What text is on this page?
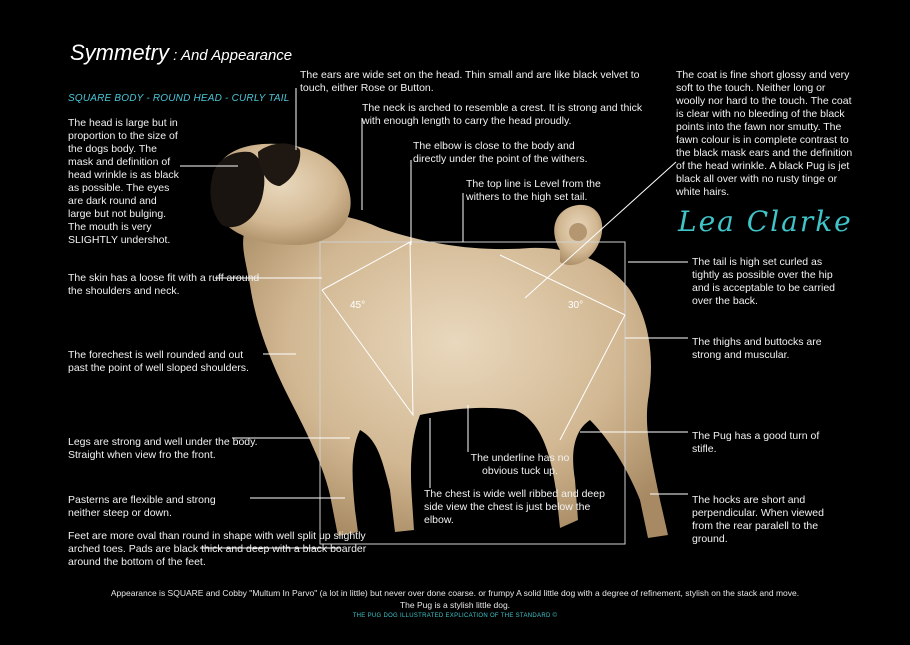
Symmetry : And Appearance
SQUARE BODY - ROUND HEAD - CURLY TAIL
Lea Clarke
45°	30°
The head is large but in proportion to the size of the dogs body. The mask and definition of head wrinkle is as black as possible. The eyes are dark round and large but not bulging. The mouth is very SLIGHTLY undershot.
The ears are wide set on the head. Thin small and are like black velvet to touch, either Rose or Button.
The neck is arched to resemble a crest. It is strong and thick with enough length to carry the head proudly.
The elbow is close to the body and directly under the point of the withers.
The top line is Level from the withers to the high set tail.
The coat is fine short glossy and very soft to the touch. Neither long or woolly nor hard to the touch. The coat is clear with no bleeding of the black points into the fawn nor smutty. The fawn colour is in complete contrast to the black mask ears and the definition of the head wrinkle. A black Pug is jet black all over with no rusty tinge or white hairs.
The skin has a loose fit with a ruff around the shoulders and neck.
The tail is high set curled as tightly as possible over the hip and is acceptable to be carried over the back.
The thighs and buttocks are strong and muscular.
The forechest is well rounded and out past the point of well sloped shoulders.
Legs are strong and well under the body. Straight when view fro the front.
The Pug has a good turn of stifle.
The underline has no obvious tuck up.
Pasterns are flexible and strong neither steep or down.
The chest is wide well ribbed and deep side view the chest is just below the elbow.
The hocks are short and perpendicular. When viewed from the rear paralell to the ground.
Feet are more oval than round in shape with well split up slightly arched toes. Pads are black thick and deep with a black boarder around the bottom of the feet.
Appearance is SQUARE and Cobby "Multum In Parvo" (a lot in little) but never over done coarse. or frumpy A solid little dog with a degree of refinement, stylish on the stack and move.
The Pug is a stylish little dog.
THE PUG DOG ILLUSTRATED EXPLICATION OF THE STANDARD ©
